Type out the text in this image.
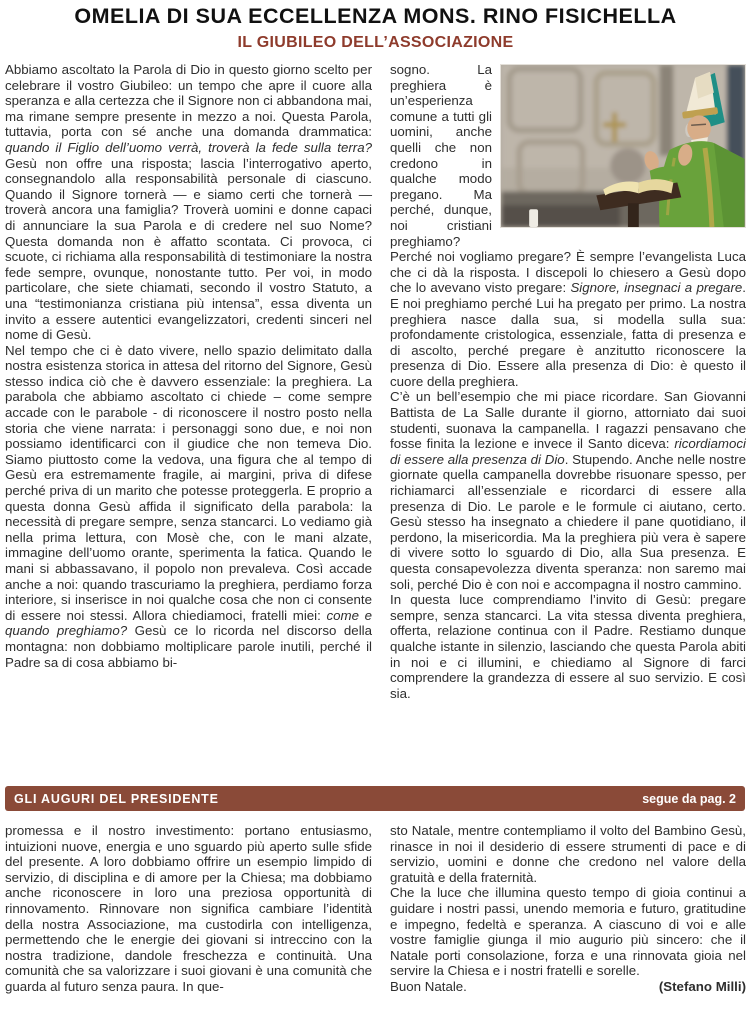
OMELIA DI SUA ECCELLENZA MONS. RINO FISICHELLA
IL GIUBILEO DELL’ASSOCIAZIONE

Abbiamo ascoltato la Parola di Dio in questo giorno scelto per celebrare il vostro Giubileo: un tempo che apre il cuore alla speranza e alla certezza che il Signore non ci abbandona mai, ma rimane sempre presente in mezzo a noi. Questa Parola, tuttavia, porta con sé anche una domanda drammatica: quando il Figlio dell’uomo verrà, troverà la fede sulla terra? Gesù non offre una risposta; lascia l’interrogativo aperto, consegnandolo alla responsabilità personale di ciascuno. Quando il Signore tornerà — e siamo certi che tornerà — troverà ancora una famiglia? Troverà uomini e donne capaci di annunciare la sua Parola e di credere nel suo Nome? Questa domanda non è affatto scontata. Ci provoca, ci scuote, ci richiama alla responsabilità di testimoniare la nostra fede sempre, ovunque, nonostante tutto. Per voi, in modo particolare, che siete chiamati, secondo il vostro Statuto, a una “testimonianza cristiana più intensa”, essa diventa un invito a essere autentici evangelizzatori, credenti sinceri nel nome di Gesù.

Nel tempo che ci è dato vivere, nello spazio delimitato dalla nostra esistenza storica in attesa del ritorno del Signore, Gesù stesso indica ciò che è davvero essenziale: la preghiera. La parabola che abbiamo ascoltato ci chiede – come sempre accade con le parabole - di riconoscere il nostro posto nella storia che viene narrata: i personaggi sono due, e noi non possiamo identificarci con il giudice che non temeva Dio. Siamo piuttosto come la vedova, una figura che al tempo di Gesù era estremamente fragile, ai margini, priva di difese perché priva di un marito che potesse proteggerla. E proprio a questa donna Gesù affida il significato della parabola: la necessità di pregare sempre, senza stancarci. Lo vediamo già nella prima lettura, con Mosè che, con le mani alzate, immagine dell’uomo orante, sperimenta la fatica. Quando le mani si abbassavano, il popolo non prevaleva. Così accade anche a noi: quando trascuriamo la preghiera, perdiamo forza interiore, si inserisce in noi qualche cosa che non ci consente di essere noi stessi. Allora chiediamoci, fratelli miei: come e quando preghiamo? Gesù ce lo ricorda nel discorso della montagna: non dobbiamo moltiplicare parole inutili, perché il Padre sa di cosa abbiamo bi-

sogno. La preghiera è un’esperienza comune a tutti gli uomini, anche quelli che non credono in qualche modo pregano. Ma perché, dunque, noi cristiani preghiamo? Perché noi vogliamo pregare? È sempre l’evangelista Luca che ci dà la risposta. I discepoli lo chiesero a Gesù dopo che lo avevano visto pregare: Signore, insegnaci a pregare. E noi preghiamo perché Lui ha pregato per primo. La nostra preghiera nasce dalla sua, si modella sulla sua: profondamente cristologica, essenziale, fatta di presenza e di ascolto, perché pregare è anzitutto riconoscere la presenza di Dio. Essere alla presenza di Dio: è questo il cuore della preghiera.

C’è un bell’esempio che mi piace ricordare. San Giovanni Battista de La Salle durante il giorno, attorniato dai suoi studenti, suonava la campanella. I ragazzi pensavano che fosse finita la lezione e invece il Santo diceva: ricordiamoci di essere alla presenza di Dio. Stupendo. Anche nelle nostre giornate quella campanella dovrebbe risuonare spesso, per richiamarci all’essenziale e ricordarci di essere alla presenza di Dio. Le parole e le formule ci aiutano, certo. Gesù stesso ha insegnato a chiedere il pane quotidiano, il perdono, la misericordia. Ma la preghiera più vera è sapere di vivere sotto lo sguardo di Dio, alla Sua presenza. E questa consapevolezza diventa speranza: non saremo mai soli, perché Dio è con noi e accompagna il nostro cammino.

In questa luce comprendiamo l’invito di Gesù: pregare sempre, senza stancarci. La vita stessa diventa preghiera, offerta, relazione continua con il Padre. Restiamo dunque qualche istante in silenzio, lasciando che questa Parola abiti in noi e ci illumini, e chiediamo al Signore di farci comprendere la grandezza di essere al suo servizio. E così sia.

GLI AUGURI DEL PRESIDENTE	segue da pag. 2

promessa e il nostro investimento: portano entusiasmo, intuizioni nuove, energia e uno sguardo più aperto sulle sfide del presente. A loro dobbiamo offrire un esempio limpido di servizio, di disciplina e di amore per la Chiesa; ma dobbiamo anche riconoscere in loro una preziosa opportunità di rinnovamento. Rinnovare non significa cambiare l’identità della nostra Associazione, ma custodirla con intelligenza, permettendo che le energie dei giovani si intreccino con la nostra tradizione, dandole freschezza e continuità. Una comunità che sa valorizzare i suoi giovani è una comunità che guarda al futuro senza paura. In que-

sto Natale, mentre contempliamo il volto del Bambino Gesù, rinasce in noi il desiderio di essere strumenti di pace e di servizio, uomini e donne che credono nel valore della gratuità e della fraternità.

Che la luce che illumina questo tempo di gioia continui a guidare i nostri passi, unendo memoria e futuro, gratitudine e impegno, fedeltà e speranza. A ciascuno di voi e alle vostre famiglie giunga il mio augurio più sincero: che il Natale porti consolazione, forza e una rinnovata gioia nel servire la Chiesa e i nostri fratelli e sorelle.

Buon Natale.	(Stefano Milli)
